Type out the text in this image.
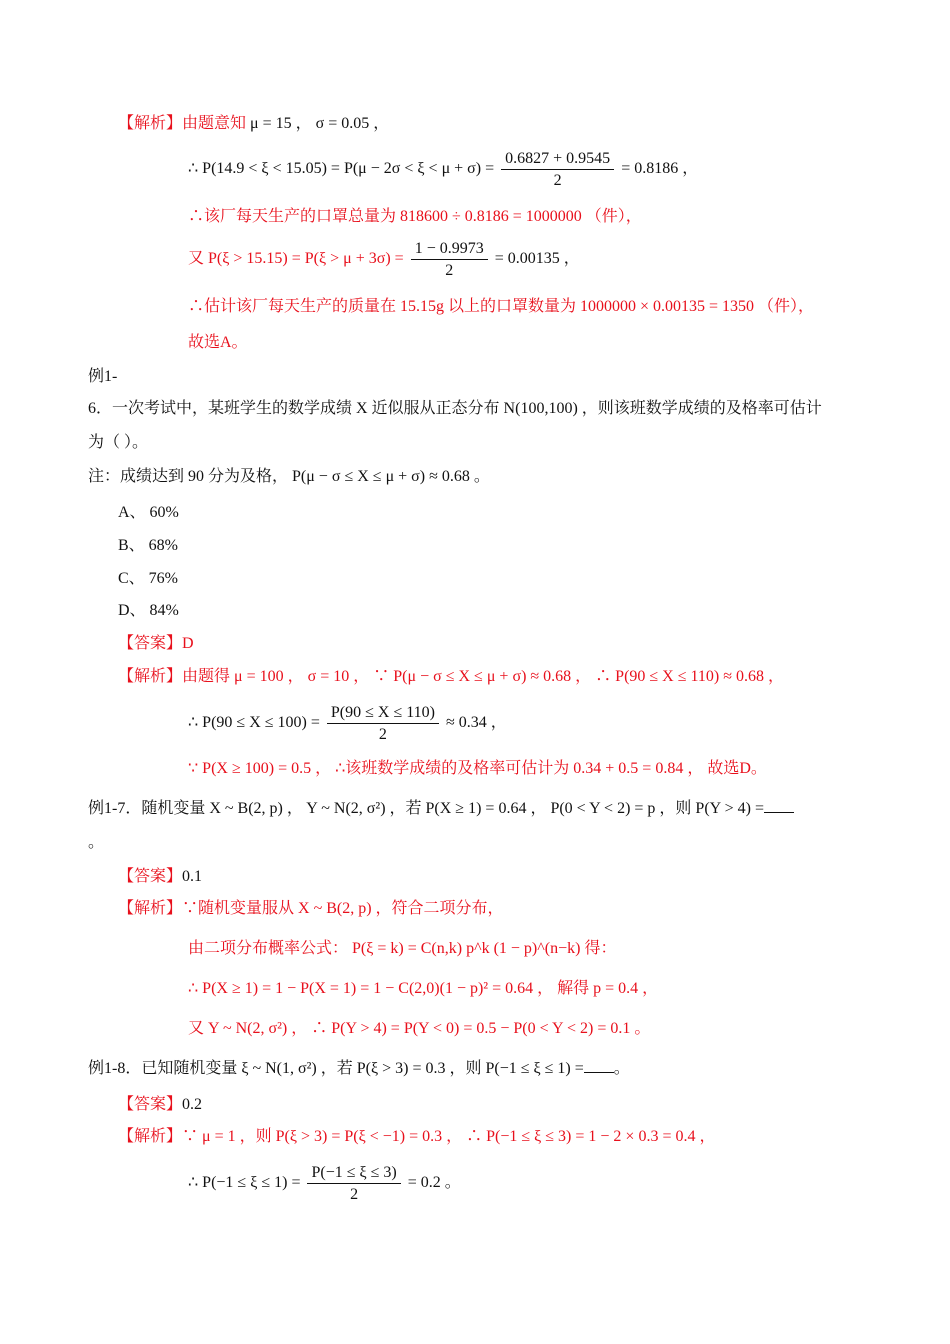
【解析】由题意知 μ = 15 ， σ = 0.05 ，
∴ $P(14.9 < \xi < 15.05) = P(\mu - 2\sigma < \xi < \mu + \sigma) = \frac{0.6827 + 0.9545}{2} = 0.8186$ ，
∴该厂每天生产的口罩总量为 818600 ÷ 0.8186 = 1000000 （件），
又 $P(\xi > 15.15) = P(\xi > \mu + 3\sigma) = \frac{1 - 0.9973}{2} = 0.00135$ ，
∴估计该厂每天生产的质量在 15.15g 以上的口罩数量为 1000000 × 0.00135 = 1350 （件），
故选A。
例1-
6．一次考试中，某班学生的数学成绩 X 近似服从正态分布 N(100,100) ，则该班数学成绩的及格率可估计
为（ ）。
注：成绩达到 90 分为及格， P(μ − σ ≤ X ≤ μ + σ) ≈ 0.68 。
A、 60%
B、 68%
C、 76%
D、 84%
【答案】D
【解析】由题得 μ = 100 ， σ = 10 ， ∵ P(μ − σ ≤ X ≤ μ + σ) ≈ 0.68 ， ∴ P(90 ≤ X ≤ 110) ≈ 0.68 ，
∴ $P(90 \le X \le 100) = \frac{P(90 \le X \le 110)}{2} \approx 0.34$ ，
∵ P(X ≥ 100) = 0.5 ， ∴该班数学成绩的及格率可估计为 0.34 + 0.5 = 0.84 ， 故选D。
例1-7．随机变量 X ~ B(2, p) ， Y ~ N(2, σ²) ，若 P(X ≥ 1) = 0.64 ， P(0 < Y < 2) = p ，则 P(Y > 4) =
。
【答案】0.1
【解析】∵随机变量服从 X ~ B(2, p) ，符合二项分布，
由二项分布概率公式： P(ξ = k) = C(n,k) p^k (1 − p)^(n−k) 得：
∴ P(X ≥ 1) = 1 − P(X = 1) = 1 − C(2,0)(1 − p)² = 0.64 ， 解得 p = 0.4 ，
又 Y ~ N(2, σ²) ， ∴ P(Y > 4) = P(Y < 0) = 0.5 − P(0 < Y < 2) = 0.1 。
例1-8．已知随机变量 ξ ~ N(1, σ²) ，若 P(ξ > 3) = 0.3 ，则 P(−1 ≤ ξ ≤ 1) = 。
【答案】0.2
【解析】∵ μ = 1 ，则 P(ξ > 3) = P(ξ < −1) = 0.3 ， ∴ P(−1 ≤ ξ ≤ 3) = 1 − 2 × 0.3 = 0.4 ，
∴ $P(-1 \le \xi \le 1) = \frac{P(-1 \le \xi \le 3)}{2} = 0.2$ 。
